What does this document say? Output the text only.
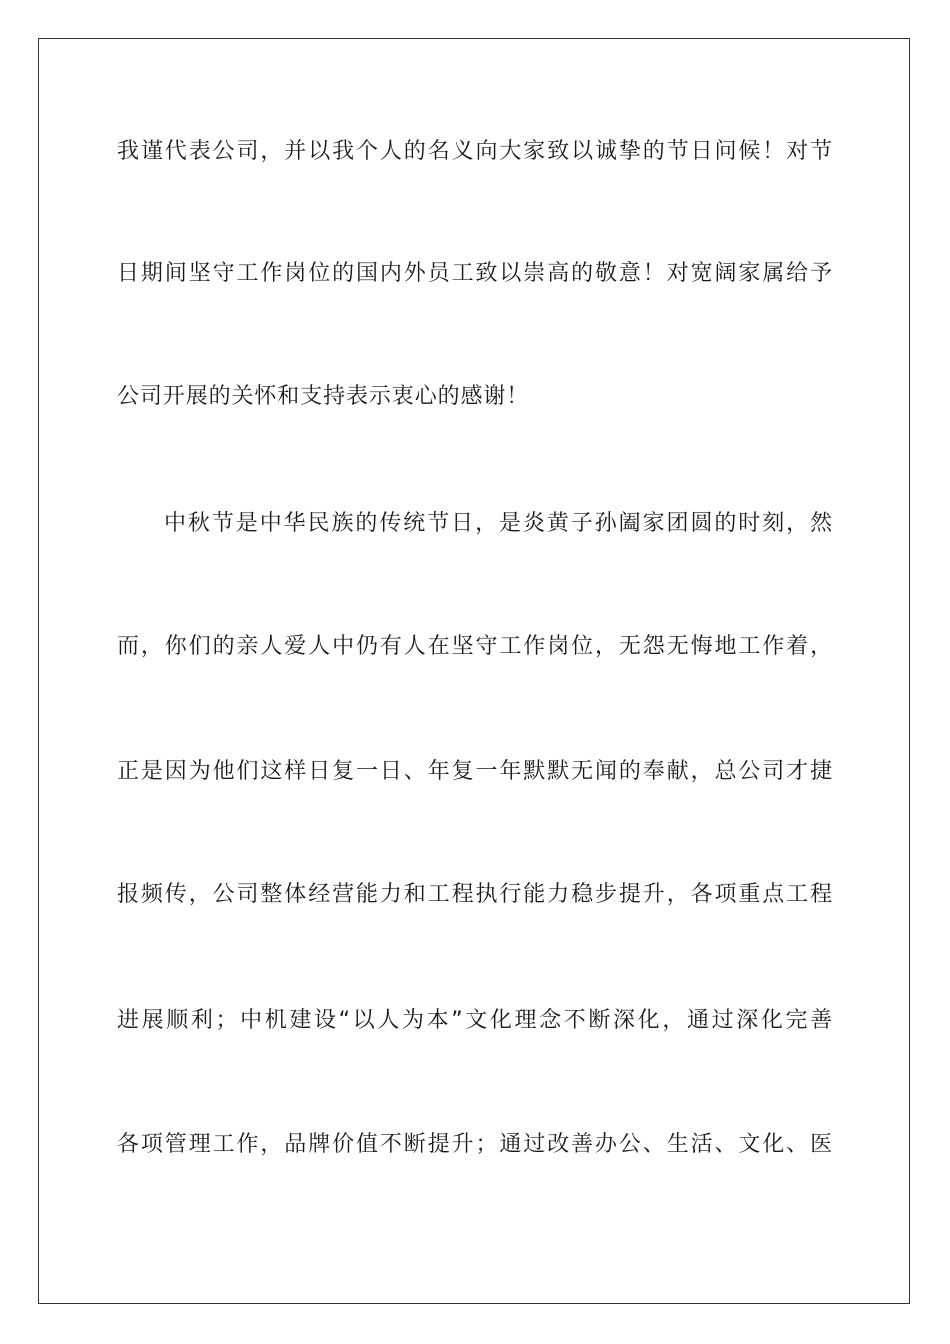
我谨代表公司，并以我个人的名义向大家致以诚挚的节日问候！对节
日期间坚守工作岗位的国内外员工致以崇高的敬意！对宽阔家属给予
公司开展的关怀和支持表示衷心的感谢！
中秋节是中华民族的传统节日，是炎黄子孙阖家团圆的时刻，然
而，你们的亲人爱人中仍有人在坚守工作岗位，无怨无悔地工作着，
正是因为他们这样日复一日、年复一年默默无闻的奉献，总公司才捷
报频传，公司整体经营能力和工程执行能力稳步提升，各项重点工程
进展顺利；中机建设“以人为本”文化理念不断深化，通过深化完善
各项管理工作，品牌价值不断提升；通过改善办公、生活、文化、医
